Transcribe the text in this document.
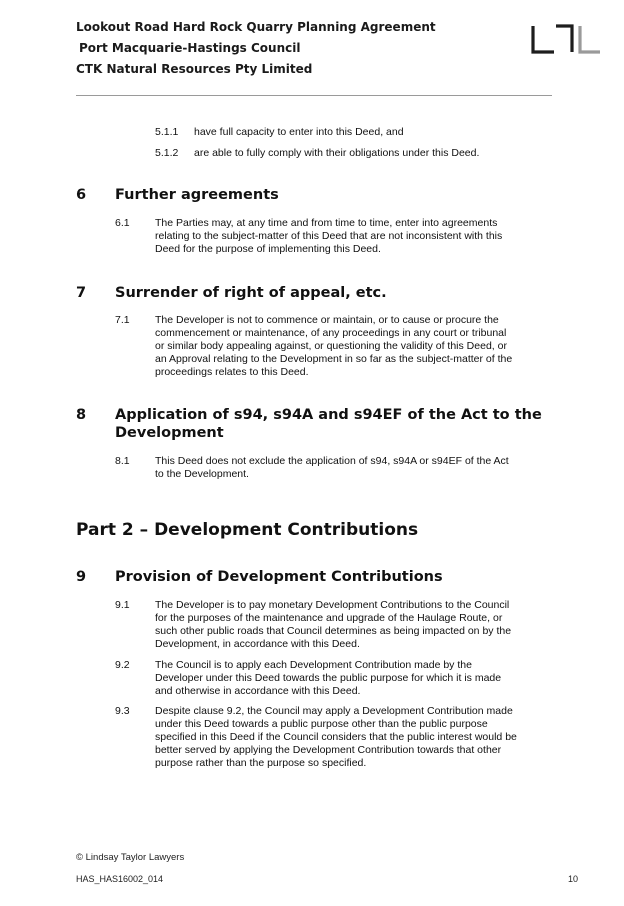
Lookout Road Hard Rock Quarry Planning Agreement
Port Macquarie-Hastings Council
CTK Natural Resources Pty Limited
5.1.1 have full capacity to enter into this Deed, and
5.1.2 are able to fully comply with their obligations under this Deed.
6 Further agreements
6.1 The Parties may, at any time and from time to time, enter into agreements
relating to the subject-matter of this Deed that are not inconsistent with this
Deed for the purpose of implementing this Deed.
7 Surrender of right of appeal, etc.
7.1 The Developer is not to commence or maintain, or to cause or procure the
commencement or maintenance, of any proceedings in any court or tribunal
or similar body appealing against, or questioning the validity of this Deed, or
an Approval relating to the Development in so far as the subject-matter of the
proceedings relates to this Deed.
8 Application of s94, s94A and s94EF of the Act to the
Development
8.1 This Deed does not exclude the application of s94, s94A or s94EF of the Act
to the Development.
Part 2 – Development Contributions
9 Provision of Development Contributions
9.1 The Developer is to pay monetary Development Contributions to the Council
for the purposes of the maintenance and upgrade of the Haulage Route, or
such other public roads that Council determines as being impacted on by the
Development, in accordance with this Deed.
9.2 The Council is to apply each Development Contribution made by the
Developer under this Deed towards the public purpose for which it is made
and otherwise in accordance with this Deed.
9.3 Despite clause 9.2, the Council may apply a Development Contribution made
under this Deed towards a public purpose other than the public purpose
specified in this Deed if the Council considers that the public interest would be
better served by applying the Development Contribution towards that other
purpose rather than the purpose so specified.
© Lindsay Taylor Lawyers
HAS_HAS16002_014	10
